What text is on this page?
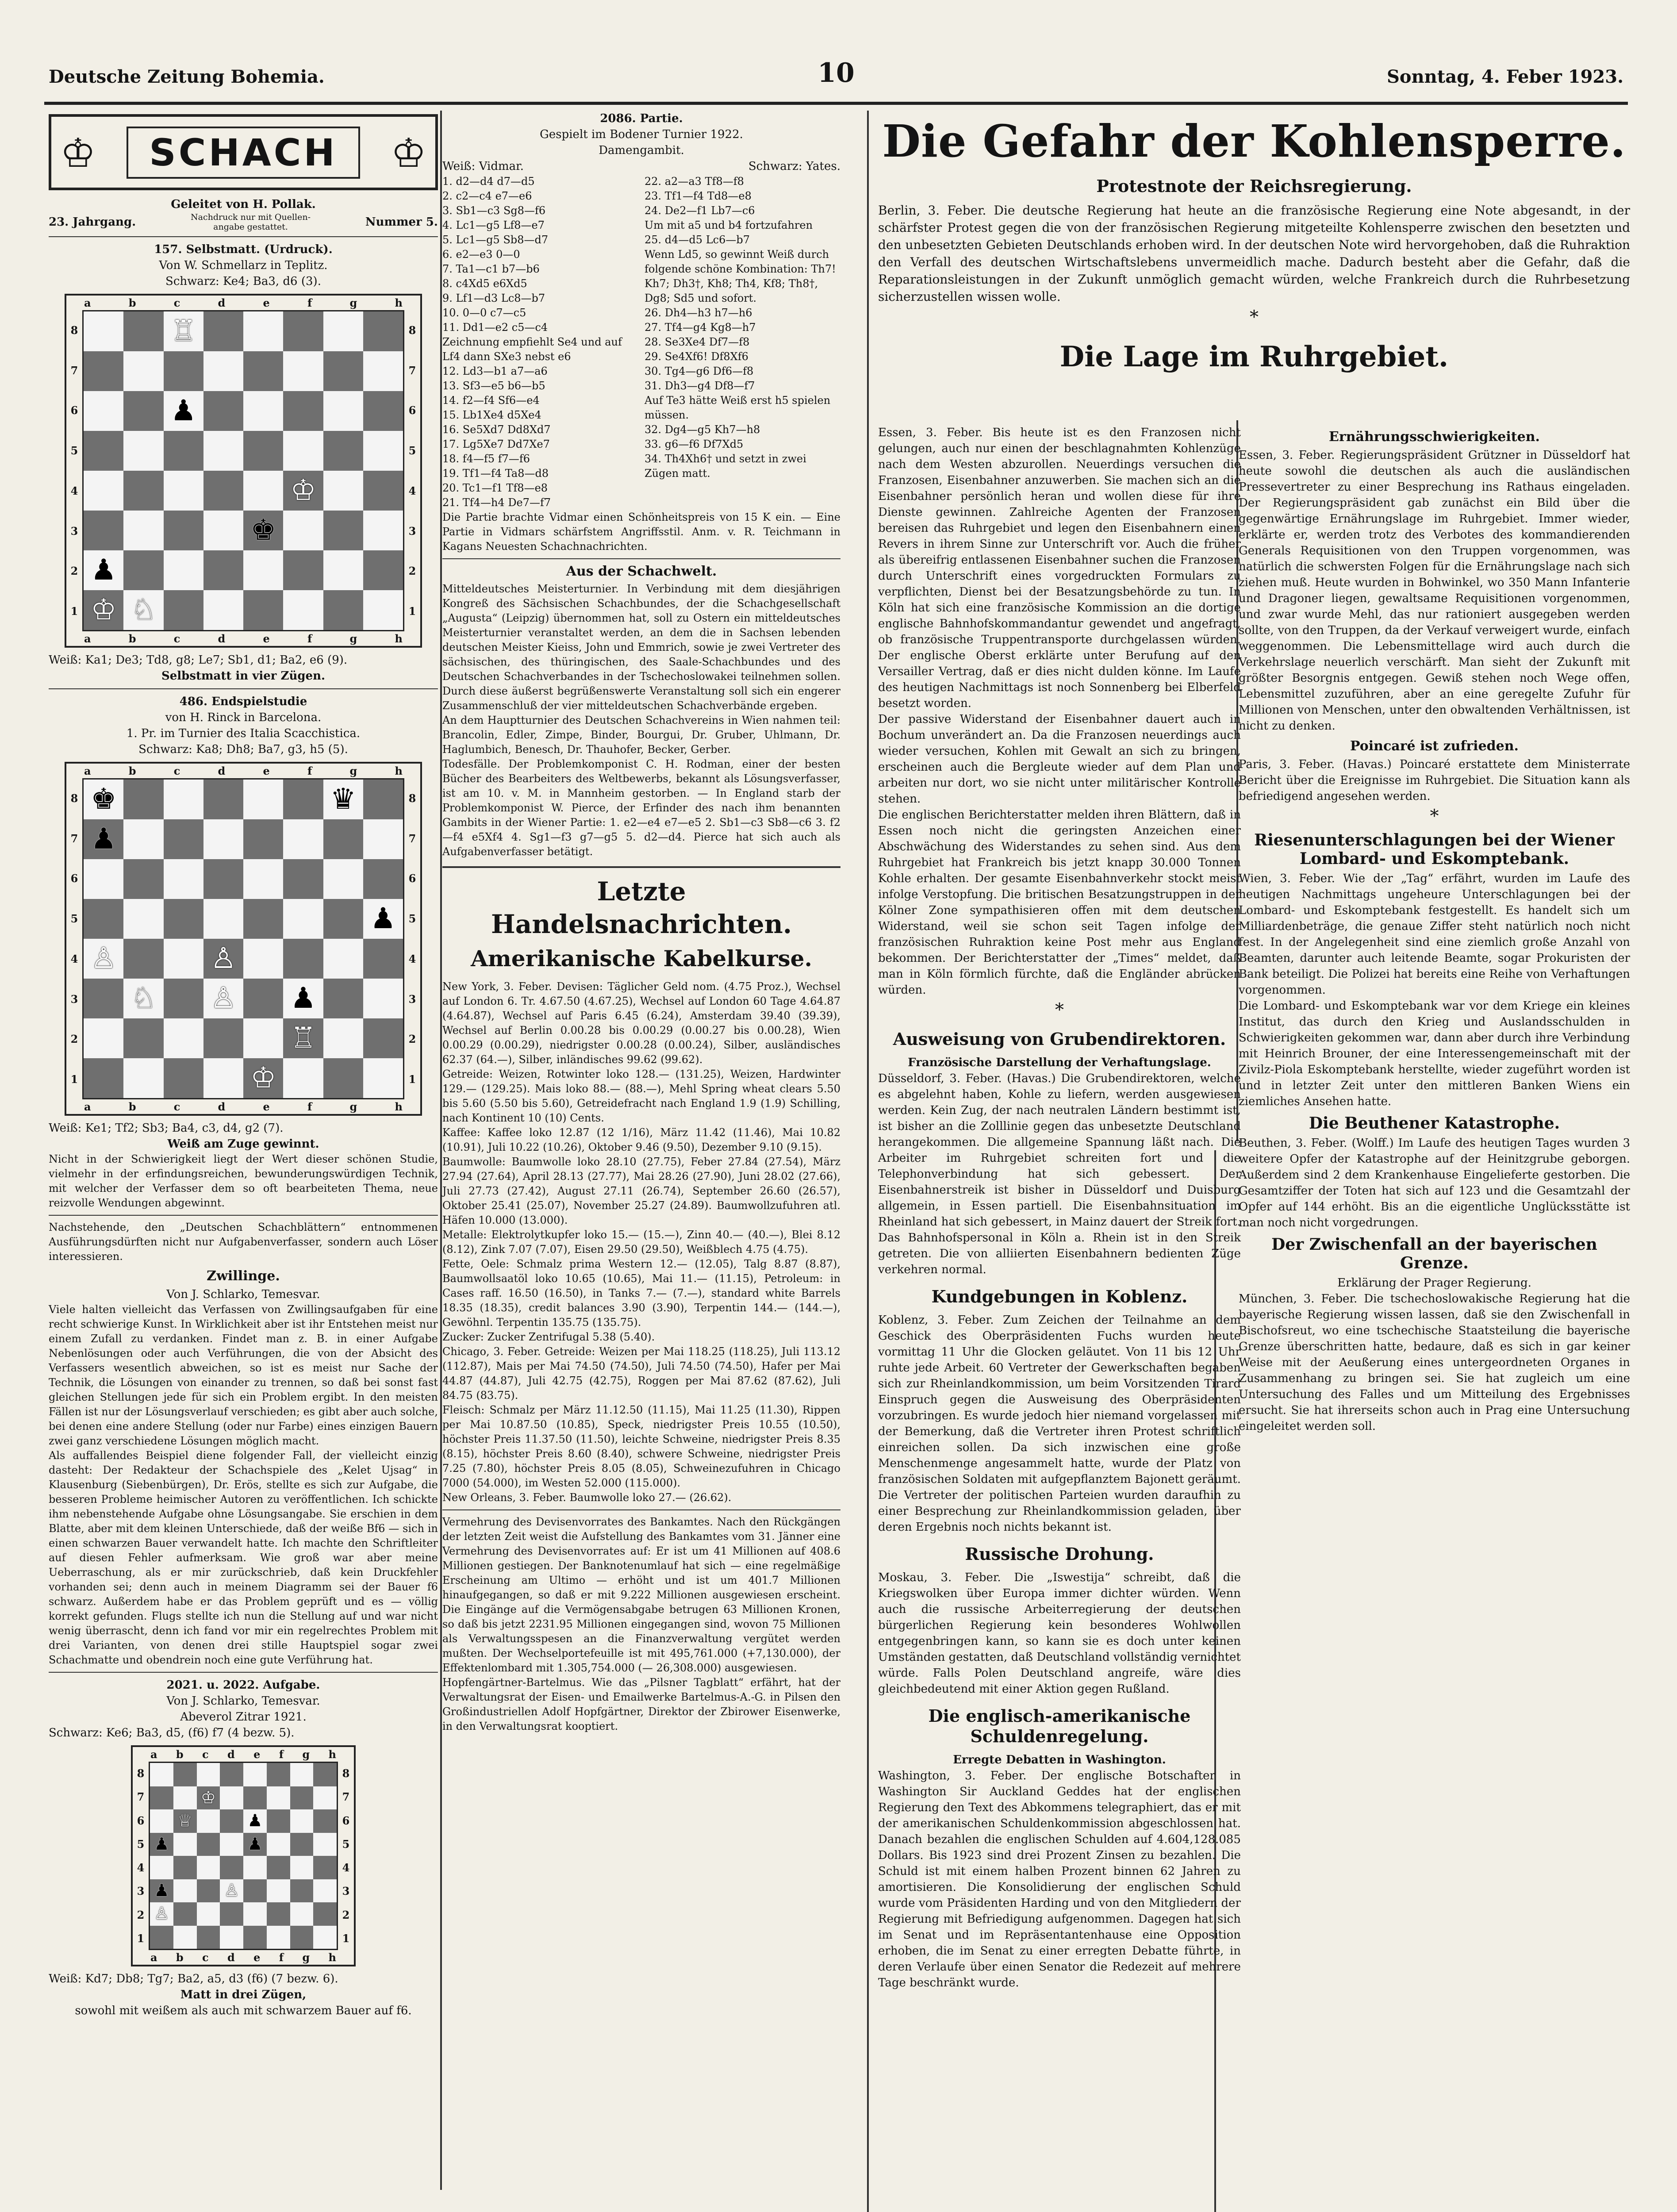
Deutsche Zeitung Bohemia.	10	Sonntag, 4. Feber 1923.
♔	SCHACH	♔

Geleitet von H. Pollak.

23. Jahrgang.	Nachdruck nur mit Quellen-angabe gestattet.	Nummer 5.

157. Selbstmatt. (Urdruck).

Von W. Schmellarz in Teplitz.

Schwarz: Ke4; Ba3, d6 (3).

a	b	c	d	e	f	g	h
8
7
6
5
4
3
2
1
♖
♟
♔
♚
♟
♔ ♘
8
7
6
5
4
3
2
1
a	b	c	d	e	f	g	h

Weiß: Ka1; De3; Td8, g8; Le7; Sb1, d1; Ba2, e6 (9).

Selbstmatt in vier Zügen.

486. Endspielstudie

von H. Rinck in Barcelona.

1. Pr. im Turnier des Italia Scacchistica.

Schwarz: Ka8; Dh8; Ba7, g3, h5 (5).

a	b	c	d	e	f	g	h
8
7
6
5
4
3
2
1
♚	♛
♟
♟
♙	♙
♘ ♙ ♟
♖
♔
8
7
6
5
4
3
2
1
a	b	c	d	e	f	g	h

Weiß: Ke1; Tf2; Sb3; Ba4, c3, d4, g2 (7).

Weiß am Zuge gewinnt.

Nicht in der Schwierigkeit liegt der Wert dieser schönen Studie, vielmehr in der erfindungsreichen, bewunderungswürdigen Technik, mit welcher der Verfasser dem so oft bearbeiteten Thema, neue reizvolle Wendungen abgewinnt.

Nachstehende, den „Deutschen Schachblättern“ entnommenen Ausführungsdürften nicht nur Aufgabenverfasser, sondern auch Löser interessieren.

Zwillinge.

Von J. Schlarko, Temesvar.

Viele halten vielleicht das Verfassen von Zwillingsaufgaben für eine recht schwierige Kunst. In Wirklichkeit aber ist ihr Entstehen meist nur einem Zufall zu verdanken. Findet man z. B. in einer Aufgabe Nebenlösungen oder auch Verführungen, die von der Absicht des Verfassers wesentlich abweichen, so ist es meist nur Sache der Technik, die Lösungen von einander zu trennen, so daß bei sonst fast gleichen Stellungen jede für sich ein Problem ergibt. In den meisten Fällen ist nur der Lösungsverlauf verschieden; es gibt aber auch solche, bei denen eine andere Stellung (oder nur Farbe) eines einzigen Bauern zwei ganz verschiedene Lösungen möglich macht.

Als auffallendes Beispiel diene folgender Fall, der vielleicht einzig dasteht: Der Redakteur der Schachspiele des „Kelet Ujsag“ in Klausenburg (Siebenbürgen), Dr. Erös, stellte es sich zur Aufgabe, die besseren Probleme heimischer Autoren zu veröffentlichen. Ich schickte ihm nebenstehende Aufgabe ohne Lösungsangabe. Sie erschien in dem Blatte, aber mit dem kleinen Unterschiede, daß der weiße Bf6 — sich in einen schwarzen Bauer verwandelt hatte. Ich machte den Schriftleiter auf diesen Fehler aufmerksam. Wie groß war aber meine Ueberraschung, als er mir zurückschrieb, daß kein Druckfehler vorhanden sei; denn auch in meinem Diagramm sei der Bauer f6 schwarz. Außerdem habe er das Problem geprüft und es — völlig korrekt gefunden. Flugs stellte ich nun die Stellung auf und war nicht wenig überrascht, denn ich fand vor mir ein regelrechtes Problem mit drei Varianten, von denen drei stille Hauptspiel sogar zwei Schachmatte und obendrein noch eine gute Verführung hat.

2021. u. 2022. Aufgabe.

Von J. Schlarko, Temesvar.

Abeverol Zitrar 1921.

Schwarz: Ke6; Ba3, d5, (f6) f7 (4 bezw. 5).

a b c d e f g h
8
7
6
5
4
3
2
1
♔
♕	♟
♟	♟
♟	♙
♙
8
7
6
5
4
3
2
1
a b c d e f g h

Weiß: Kd7; Db8; Tg7; Ba2, a5, d3 (f6) (7 bezw. 6).

Matt in drei Zügen,

sowohl mit weißem als auch mit schwarzem Bauer auf f6.

2086. Partie.

Gespielt im Bodener Turnier 1922.

Damengambit.

Weiß: Vidmar.	Schwarz: Yates.

1. d2—d4 d7—d5
2. c2—c4 e7—e6
3. Sb1—c3 Sg8—f6
4. Lc1—g5 Lf8—e7
5. Lc1—g5 Sb8—d7
6. e2—e3 0—0
7. Ta1—c1 b7—b6
8. c4Xd5 e6Xd5
9. Lf1—d3 Lc8—b7
10. 0—0 c7—c5
11. Dd1—e2 c5—c4
Zeichnung empfiehlt Se4 und auf Lf4 dann SXe3 nebst e6
12. Ld3—b1 a7—a6
13. Sf3—e5 b6—b5
14. f2—f4 Sf6—e4
15. Lb1Xe4 d5Xe4
16. Se5Xd7 Dd8Xd7
17. Lg5Xe7 Dd7Xe7
18. f4—f5 f7—f6
19. Tf1—f4 Ta8—d8
20. Tc1—f1 Tf8—e8
21. Tf4—h4 De7—f7

22. a2—a3 Tf8—f8
23. Tf1—f4 Td8—e8
24. De2—f1 Lb7—c6
Um mit a5 und b4 fortzufahren
25. d4—d5 Lc6—b7
Wenn Ld5, so gewinnt Weiß durch folgende schöne Kombination: Th7! Kh7; Dh3†, Kh8; Th4, Kf8; Th8†, Dg8; Sd5 und sofort.
26. Dh4—h3 h7—h6
27. Tf4—g4 Kg8—h7
28. Se3Xe4 Df7—f8
29. Se4Xf6! Df8Xf6
30. Tg4—g6 Df6—f8
31. Dh3—g4 Df8—f7
Auf Te3 hätte Weiß erst h5 spielen müssen.
32. Dg4—g5 Kh7—h8
33. g6—f6 Df7Xd5
34. Th4Xh6† und setzt in zwei Zügen matt.

Die Partie brachte Vidmar einen Schönheitspreis von 15 K ein. — Eine Partie in Vidmars schärfstem Angriffsstil. Anm. v. R. Teichmann in Kagans Neuesten Schachnachrichten.

Aus der Schachwelt.

Mitteldeutsches Meisterturnier. In Verbindung mit dem diesjährigen Kongreß des Sächsischen Schachbundes, der die Schachgesellschaft „Augusta“ (Leipzig) übernommen hat, soll zu Ostern ein mitteldeutsches Meisterturnier veranstaltet werden, an dem die in Sachsen lebenden deutschen Meister Kieiss, John und Emmrich, sowie je zwei Vertreter des sächsischen, des thüringischen, des Saale-Schachbundes und des Deutschen Schachverbandes in der Tschechoslowakei teilnehmen sollen. Durch diese äußerst begrüßenswerte Veranstaltung soll sich ein engerer Zusammenschluß der vier mitteldeutschen Schachverbände ergeben.

An dem Hauptturnier des Deutschen Schachvereins in Wien nahmen teil: Brancolin, Edler, Zimpe, Binder, Bourgui, Dr. Gruber, Uhlmann, Dr. Haglumbich, Benesch, Dr. Thauhofer, Becker, Gerber.

Todesfälle. Der Problemkomponist C. H. Rodman, einer der besten Bücher des Bearbeiters des Weltbewerbs, bekannt als Lösungsverfasser, ist am 10. v. M. in Mannheim gestorben. — In England starb der Problemkomponist W. Pierce, der Erfinder des nach ihm benannten Gambits in der Wiener Partie: 1. e2—e4 e7—e5 2. Sb1—c3 Sb8—c6 3. f2—f4 e5Xf4 4. Sg1—f3 g7—g5 5. d2—d4. Pierce hat sich auch als Aufgabenverfasser betätigt.

Letzte Handelsnachrichten.
Amerikanische Kabelkurse.

New York, 3. Feber. Devisen: Täglicher Geld nom. (4.75 Proz.), Wechsel auf London 6. Tr. 4.67.50 (4.67.25), Wechsel auf London 60 Tage 4.64.87 (4.64.87), Wechsel auf Paris 6.45 (6.24), Amsterdam 39.40 (39.39), Wechsel auf Berlin 0.00.28 bis 0.00.29 (0.00.27 bis 0.00.28), Wien 0.00.29 (0.00.29), niedrigster 0.00.28 (0.00.24), Silber, ausländisches 62.37 (64.—), Silber, inländisches 99.62 (99.62).

Getreide: Weizen, Rotwinter loko 128.— (131.25), Weizen, Hardwinter 129.— (129.25). Mais loko 88.— (88.—), Mehl Spring wheat clears 5.50 bis 5.60 (5.50 bis 5.60), Getreidefracht nach England 1.9 (1.9) Schilling, nach Kontinent 10 (10) Cents.

Kaffee: Kaffee loko 12.87 (12 1/16), März 11.42 (11.46), Mai 10.82 (10.91), Juli 10.22 (10.26), Oktober 9.46 (9.50), Dezember 9.10 (9.15).

Baumwolle: Baumwolle loko 28.10 (27.75), Feber 27.84 (27.54), März 27.94 (27.64), April 28.13 (27.77), Mai 28.26 (27.90), Juni 28.02 (27.66), Juli 27.73 (27.42), August 27.11 (26.74), September 26.60 (26.57), Oktober 25.41 (25.07), November 25.27 (24.89). Baumwollzufuhren atl. Häfen 10.000 (13.000).

Metalle: Elektrolytkupfer loko 15.— (15.—), Zinn 40.— (40.—), Blei 8.12 (8.12), Zink 7.07 (7.07), Eisen 29.50 (29.50), Weißblech 4.75 (4.75).

Fette, Oele: Schmalz prima Western 12.— (12.05), Talg 8.87 (8.87), Baumwollsaatöl loko 10.65 (10.65), Mai 11.— (11.15), Petroleum: in Cases raff. 16.50 (16.50), in Tanks 7.— (7.—), standard white Barrels 18.35 (18.35), credit balances 3.90 (3.90), Terpentin 144.— (144.—), Gewöhnl. Terpentin 135.75 (135.75).

Zucker: Zucker Zentrifugal 5.38 (5.40).

Chicago, 3. Feber. Getreide: Weizen per Mai 118.25 (118.25), Juli 113.12 (112.87), Mais per Mai 74.50 (74.50), Juli 74.50 (74.50), Hafer per Mai 44.87 (44.87), Juli 42.75 (42.75), Roggen per Mai 87.62 (87.62), Juli 84.75 (83.75).

Fleisch: Schmalz per März 11.12.50 (11.15), Mai 11.25 (11.30), Rippen per Mai 10.87.50 (10.85), Speck, niedrigster Preis 10.55 (10.50), höchster Preis 11.37.50 (11.50), leichte Schweine, niedrigster Preis 8.35 (8.15), höchster Preis 8.60 (8.40), schwere Schweine, niedrigster Preis 7.25 (7.80), höchster Preis 8.05 (8.05), Schweinezufuhren in Chicago 7000 (54.000), im Westen 52.000 (115.000).

New Orleans, 3. Feber. Baumwolle loko 27.— (26.62).

Vermehrung des Devisenvorrates des Bankamtes. Nach den Rückgängen der letzten Zeit weist die Aufstellung des Bankamtes vom 31. Jänner eine Vermehrung des Devisenvorrates auf: Er ist um 41 Millionen auf 408.6 Millionen gestiegen. Der Banknotenumlauf hat sich — eine regelmäßige Erscheinung am Ultimo — erhöht und ist um 401.7 Millionen hinaufgegangen, so daß er mit 9.222 Millionen ausgewiesen erscheint. Die Eingänge auf die Vermögensabgabe betrugen 63 Millionen Kronen, so daß bis jetzt 2231.95 Millionen eingegangen sind, wovon 75 Millionen als Verwaltungsspesen an die Finanzverwaltung vergütet werden mußten. Der Wechselportefeuille ist mit 495,761.000 (+7,130.000), der Effektenlombard mit 1.305,754.000 (— 26,308.000) ausgewiesen.

Hopfengärtner-Bartelmus. Wie das „Pilsner Tagblatt“ erfährt, hat der Verwaltungsrat der Eisen- und Emailwerke Bartelmus-A.-G. in Pilsen den Großindustriellen Adolf Hopfgärtner, Direktor der Zbirower Eisenwerke, in den Verwaltungsrat kooptiert.

Die Gefahr der Kohlensperre.
Protestnote der Reichsregierung.

Berlin, 3. Feber. Die deutsche Regierung hat heute an die französische Regierung eine Note abgesandt, in der schärfster Protest gegen die von der französischen Regierung mitgeteilte Kohlensperre zwischen den besetzten und den unbesetzten Gebieten Deutschlands erhoben wird. In der deutschen Note wird hervorgehoben, daß die Ruhraktion den Verfall des deutschen Wirtschaftslebens unvermeidlich mache. Dadurch besteht aber die Gefahr, daß die Reparationsleistungen in der Zukunft unmöglich gemacht würden, welche Frankreich durch die Ruhrbesetzung sicherzustellen wissen wolle.

*
Die Lage im Ruhrgebiet.

Essen, 3. Feber. Bis heute ist es den Franzosen nicht gelungen, auch nur einen der beschlagnahmten Kohlenzüge nach dem Westen abzurollen. Neuerdings versuchen die Franzosen, Eisenbahner anzuwerben. Sie machen sich an die Eisenbahner persönlich heran und wollen diese für ihre Dienste gewinnen. Zahlreiche Agenten der Franzosen bereisen das Ruhrgebiet und legen den Eisenbahnern einen Revers in ihrem Sinne zur Unterschrift vor. Auch die früher als übereifrig entlassenen Eisenbahner suchen die Franzosen durch Unterschrift eines vorgedruckten Formulars zu verpflichten, Dienst bei der Besatzungsbehörde zu tun. In Köln hat sich eine französische Kommission an die dortige englische Bahnhofskommandantur gewendet und angefragt, ob französische Truppentransporte durchgelassen würden. Der englische Oberst erklärte unter Berufung auf den Versailler Vertrag, daß er dies nicht dulden könne. Im Laufe des heutigen Nachmittags ist noch Sonnenberg bei Elberfeld besetzt worden.

Der passive Widerstand der Eisenbahner dauert auch in Bochum unverändert an. Da die Franzosen neuerdings auch wieder versuchen, Kohlen mit Gewalt an sich zu bringen, erscheinen auch die Bergleute wieder auf dem Plan und arbeiten nur dort, wo sie nicht unter militärischer Kontrolle stehen.

Die englischen Berichterstatter melden ihren Blättern, daß in Essen noch nicht die geringsten Anzeichen einer Abschwächung des Widerstandes zu sehen sind. Aus dem Ruhrgebiet hat Frankreich bis jetzt knapp 30.000 Tonnen Kohle erhalten. Der gesamte Eisenbahnverkehr stockt meist infolge Verstopfung. Die britischen Besatzungstruppen in der Kölner Zone sympathisieren offen mit dem deutschen Widerstand, weil sie schon seit Tagen infolge der französischen Ruhraktion keine Post mehr aus England bekommen. Der Berichterstatter der „Times“ meldet, daß man in Köln förmlich fürchte, daß die Engländer abrücken würden.

*
Ausweisung von Grubendirektoren.

Französische Darstellung der Verhaftungslage.

Düsseldorf, 3. Feber. (Havas.) Die Grubendirektoren, welche es abgelehnt haben, Kohle zu liefern, werden ausgewiesen werden. Kein Zug, der nach neutralen Ländern bestimmt ist, ist bisher an die Zolllinie gegen das unbesetzte Deutschland herangekommen. Die allgemeine Spannung läßt nach. Die Arbeiter im Ruhrgebiet schreiten fort und die Telephonverbindung hat sich gebessert. Der Eisenbahnerstreik ist bisher in Düsseldorf und Duisburg allgemein, in Essen partiell. Die Eisenbahnsituation im Rheinland hat sich gebessert, in Mainz dauert der Streik fort. Das Bahnhofspersonal in Köln a. Rhein ist in den Streik getreten. Die von alliierten Eisenbahnern bedienten Züge verkehren normal.

Kundgebungen in Koblenz.

Koblenz, 3. Feber. Zum Zeichen der Teilnahme an dem Geschick des Oberpräsidenten Fuchs wurden heute vormittag 11 Uhr die Glocken geläutet. Von 11 bis 12 Uhr ruhte jede Arbeit. 60 Vertreter der Gewerkschaften begaben sich zur Rheinlandkommission, um beim Vorsitzenden Tirard Einspruch gegen die Ausweisung des Oberpräsidenten vorzubringen. Es wurde jedoch hier niemand vorgelassen mit der Bemerkung, daß die Vertreter ihren Protest schriftlich einreichen sollen. Da sich inzwischen eine große Menschenmenge angesammelt hatte, wurde der Platz von französischen Soldaten mit aufgepflanztem Bajonett geräumt. Die Vertreter der politischen Parteien wurden daraufhin zu einer Besprechung zur Rheinlandkommission geladen, über deren Ergebnis noch nichts bekannt ist.

Russische Drohung.

Moskau, 3. Feber. Die „Iswestija“ schreibt, daß die Kriegswolken über Europa immer dichter würden. Wenn auch die russische Arbeiterregierung der deutschen bürgerlichen Regierung kein besonderes Wohlwollen entgegenbringen kann, so kann sie es doch unter keinen Umständen gestatten, daß Deutschland vollständig vernichtet würde. Falls Polen Deutschland angreife, wäre dies gleichbedeutend mit einer Aktion gegen Rußland.

Die englisch-amerikanische Schuldenregelung.

Erregte Debatten in Washington.

Washington, 3. Feber. Der englische Botschafter in Washington Sir Auckland Geddes hat der englischen Regierung den Text des Abkommens telegraphiert, das er mit der amerikanischen Schuldenkommission abgeschlossen hat. Danach bezahlen die englischen Schulden auf 4.604,128.085 Dollars. Bis 1923 sind drei Prozent Zinsen zu bezahlen. Die Schuld ist mit einem halben Prozent binnen 62 Jahren zu amortisieren. Die Konsolidierung der englischen Schuld wurde vom Präsidenten Harding und von den Mitgliedern der Regierung mit Befriedigung aufgenommen. Dagegen hat sich im Senat und im Repräsentantenhause eine Opposition erhoben, die im Senat zu einer erregten Debatte führte, in deren Verlaufe über einen Senator die Redezeit auf mehrere Tage beschränkt wurde.

Ernährungsschwierigkeiten.

Essen, 3. Feber. Regierungspräsident Grützner in Düsseldorf hat heute sowohl die deutschen als auch die ausländischen Pressevertreter zu einer Besprechung ins Rathaus eingeladen. Der Regierungspräsident gab zunächst ein Bild über die gegenwärtige Ernährungslage im Ruhrgebiet. Immer wieder, erklärte er, werden trotz des Verbotes des kommandierenden Generals Requisitionen von den Truppen vorgenommen, was natürlich die schwersten Folgen für die Ernährungslage nach sich ziehen muß. Heute wurden in Bohwinkel, wo 350 Mann Infanterie und Dragoner liegen, gewaltsame Requisitionen vorgenommen, und zwar wurde Mehl, das nur rationiert ausgegeben werden sollte, von den Truppen, da der Verkauf verweigert wurde, einfach weggenommen. Die Lebensmittellage wird auch durch die Verkehrslage neuerlich verschärft. Man sieht der Zukunft mit größter Besorgnis entgegen. Gewiß stehen noch Wege offen, Lebensmittel zuzuführen, aber an eine geregelte Zufuhr für Millionen von Menschen, unter den obwaltenden Verhältnissen, ist nicht zu denken.

Poincaré ist zufrieden.

Paris, 3. Feber. (Havas.) Poincaré erstattete dem Ministerrate Bericht über die Ereignisse im Ruhrgebiet. Die Situation kann als befriedigend angesehen werden.

*
Riesenunterschlagungen bei der Wiener Lombard- und Eskomptebank.

Wien, 3. Feber. Wie der „Tag“ erfährt, wurden im Laufe des heutigen Nachmittags ungeheure Unterschlagungen bei der Lombard- und Eskomptebank festgestellt. Es handelt sich um Milliardenbeträge, die genaue Ziffer steht natürlich noch nicht fest. In der Angelegenheit sind eine ziemlich große Anzahl von Beamten, darunter auch leitende Beamte, sogar Prokuristen der Bank beteiligt. Die Polizei hat bereits eine Reihe von Verhaftungen vorgenommen.

Die Lombard- und Eskomptebank war vor dem Kriege ein kleines Institut, das durch den Krieg und Auslandsschulden in Schwierigkeiten gekommen war, dann aber durch ihre Verbindung mit Heinrich Brouner, der eine Interessengemeinschaft mit der Zivilz-Piola Eskomptebank herstellte, wieder zugeführt worden ist und in letzter Zeit unter den mittleren Banken Wiens ein ziemliches Ansehen hatte.

Die Beuthener Katastrophe.

Beuthen, 3. Feber. (Wolff.) Im Laufe des heutigen Tages wurden 3 weitere Opfer der Katastrophe auf der Heinitzgrube geborgen. Außerdem sind 2 dem Krankenhause Eingelieferte gestorben. Die Gesamtziffer der Toten hat sich auf 123 und die Gesamtzahl der Opfer auf 144 erhöht. Bis an die eigentliche Unglücksstätte ist man noch nicht vorgedrungen.

Der Zwischenfall an der bayerischen Grenze.

Erklärung der Prager Regierung.

München, 3. Feber. Die tschechoslowakische Regierung hat die bayerische Regierung wissen lassen, daß sie den Zwischenfall in Bischofsreut, wo eine tschechische Staatsteilung die bayerische Grenze überschritten hatte, bedaure, daß es sich in gar keiner Weise mit der Aeußerung eines untergeordneten Organes in Zusammenhang zu bringen sei. Sie hat zugleich um eine Untersuchung des Falles und um Mitteilung des Ergebnisses ersucht. Sie hat ihrerseits schon auch in Prag eine Untersuchung eingeleitet werden soll.
